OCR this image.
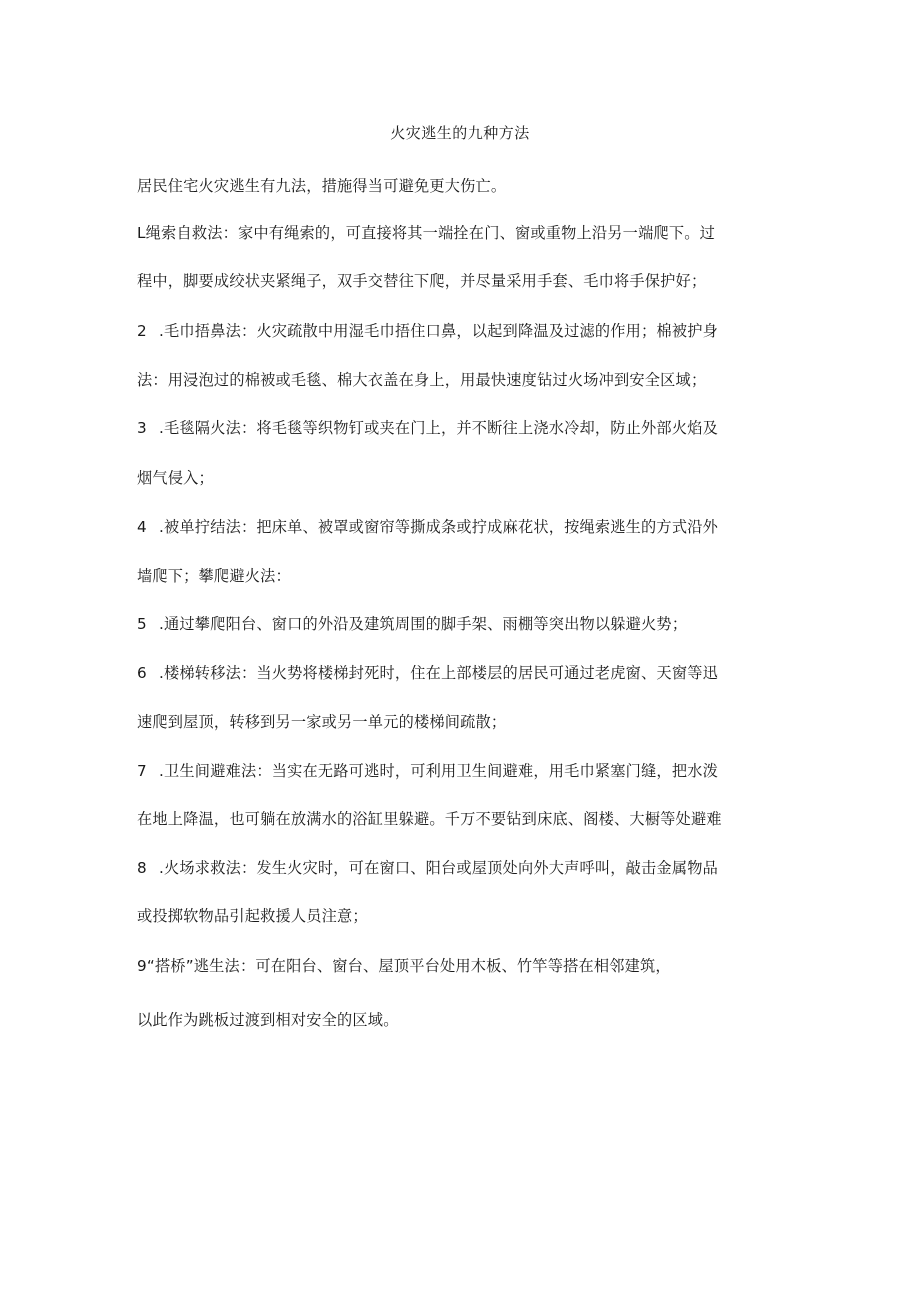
火灾逃生的九种方法
居民住宅火灾逃生有九法，措施得当可避免更大伤亡。
L绳索自救法：家中有绳索的，可直接将其一端拴在门、窗或重物上沿另一端爬下。过
程中，脚要成绞状夹紧绳子，双手交替往下爬，并尽量采用手套、毛巾将手保护好；
2 .毛巾捂鼻法：火灾疏散中用湿毛巾捂住口鼻，以起到降温及过滤的作用；棉被护身
法：用浸泡过的棉被或毛毯、棉大衣盖在身上，用最快速度钻过火场冲到安全区域；
3 .毛毯隔火法：将毛毯等织物钉或夹在门上，并不断往上浇水冷却，防止外部火焰及
烟气侵入；
4 .被单拧结法：把床单、被罩或窗帘等撕成条或拧成麻花状，按绳索逃生的方式沿外
墙爬下；攀爬避火法：
5 .通过攀爬阳台、窗口的外沿及建筑周围的脚手架、雨棚等突出物以躲避火势；
6 .楼梯转移法：当火势将楼梯封死时，住在上部楼层的居民可通过老虎窗、天窗等迅
速爬到屋顶，转移到另一家或另一单元的楼梯间疏散；
7 .卫生间避难法：当实在无路可逃时，可利用卫生间避难，用毛巾紧塞门缝，把水泼
在地上降温，也可躺在放满水的浴缸里躲避。千万不要钻到床底、阁楼、大橱等处避难
8 .火场求救法：发生火灾时，可在窗口、阳台或屋顶处向外大声呼叫，敲击金属物品
或投掷软物品引起救援人员注意；
9“搭桥”逃生法：可在阳台、窗台、屋顶平台处用木板、竹竿等搭在相邻建筑，
以此作为跳板过渡到相对安全的区域。
